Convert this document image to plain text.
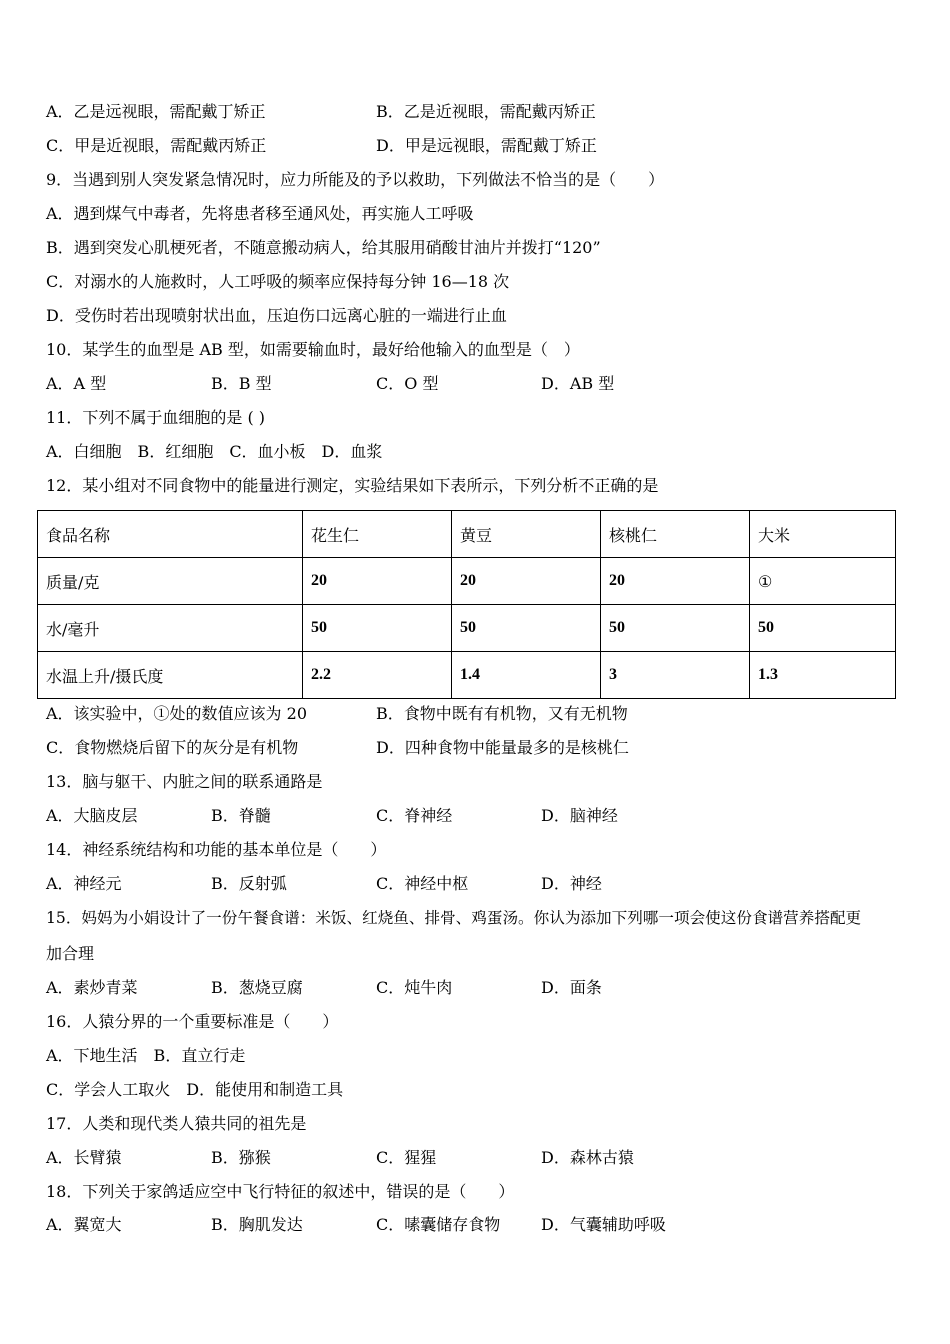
A．乙是远视眼，需配戴丁矫正	B．乙是近视眼，需配戴丙矫正
C．甲是近视眼，需配戴丙矫正	D．甲是远视眼，需配戴丁矫正
9．当遇到别人突发紧急情况时，应力所能及的予以救助，下列做法不恰当的是（　　）
A．遇到煤气中毒者，先将患者移至通风处，再实施人工呼吸
B．遇到突发心肌梗死者，不随意搬动病人，给其服用硝酸甘油片并拨打“120”
C．对溺水的人施救时，人工呼吸的频率应保持每分钟 16—18 次
D．受伤时若出现喷射状出血，压迫伤口远离心脏的一端进行止血
10．某学生的血型是 AB 型，如需要输血时，最好给他输入的血型是（　）
A．A 型	B．B 型	C．O 型	D．AB 型
11．下列不属于血细胞的是 ( )
A．白细胞　B．红细胞　C．血小板　D．血浆
12．某小组对不同食物中的能量进行测定，实验结果如下表所示，下列分析不正确的是
食品名称	花生仁	黄豆	核桃仁	大米
质量/克	20	20	20	①
水/毫升	50	50	50	50
水温上升/摄氏度	2.2	1.4	3	1.3
A．该实验中，①处的数值应该为 20	B．食物中既有有机物，又有无机物
C．食物燃烧后留下的灰分是有机物	D．四种食物中能量最多的是核桃仁
13．脑与躯干、内脏之间的联系通路是
A．大脑皮层	B．脊髓	C．脊神经	D．脑神经
14．神经系统结构和功能的基本单位是（　　）
A．神经元	B．反射弧	C．神经中枢	D．神经
15．妈妈为小娟设计了一份午餐食谱：米饭、红烧鱼、排骨、鸡蛋汤。你认为添加下列哪一项会使这份食谱营养搭配更
加合理
A．素炒青菜	B．葱烧豆腐	C．炖牛肉	D．面条
16．人猿分界的一个重要标准是（　　）
A．下地生活　B．直立行走
C．学会人工取火　D．能使用和制造工具
17．人类和现代类人猿共同的祖先是
A．长臂猿	B．猕猴	C．猩猩	D．森林古猿
18．下列关于家鸽适应空中飞行特征的叙述中，错误的是（　　）
A．翼宽大	B．胸肌发达	C．嗉囊储存食物	D．气囊辅助呼吸
